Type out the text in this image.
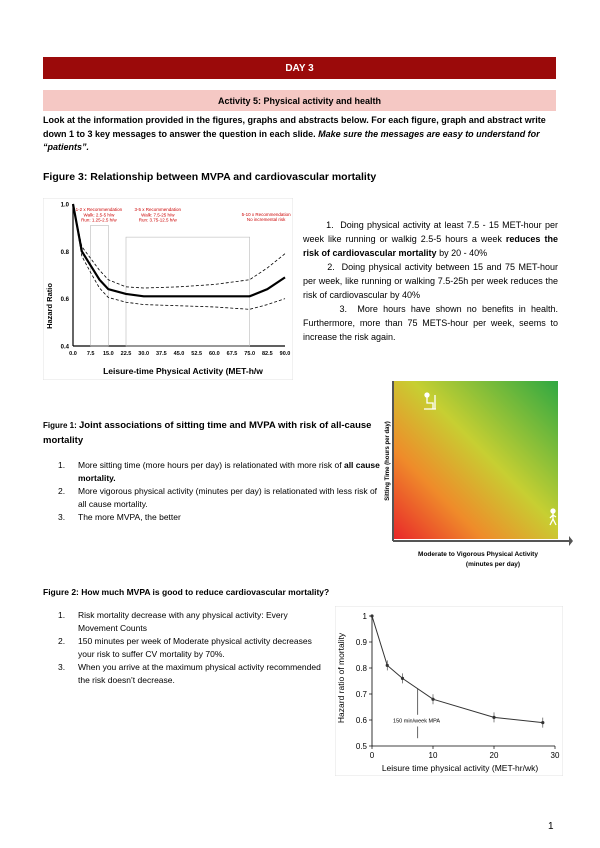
DAY 3
Activity 5: Physical activity and health
Look at the information provided in the figures, graphs and abstracts below. For each figure, graph and abstract write down 1 to 3 key messages to answer the question in each slide. Make sure the messages are easy to understand for “patients”.
Figure 3: Relationship between MVPA and cardiovascular mortality
0.4
0.6
0.8
1.0
0.0 7.5 15.0 22.5 30.0 37.5 45.0 52.5 60.0 67.5 75.0 82.5 90.0
1-2 x Recommendation Walk: 2.5-5 h/w Run: 1.25-2.5 h/w
3-5 x Recommendation Walk: 7.5-25 h/w Run: 3.75-12.5 h/w
5-10 x Recommendation No incremental risk
Hazard Ratio
Leisure-time Physical Activity (MET-h/w

1. Doing physical activity at least 7.5 - 15 MET-hour per week like running or walkig 2.5-5 hours a week reduces the risk of cardiovascular mortality by 20 - 40%

2. Doing physical activity between 15 and 75 MET-hour per week, like running or walking 7.5-25h per week reduces the risk of cardiovascular by 40%

3. More hours have shown no benefits in health. Furthermore, more than 75 METS-hour per week, seems to increase the risk again.

Figure 1: Joint associations of sitting time and MVPA with risk of all-cause mortality
1.	More sitting time (more hours per day) is relationated with more risk of all cause mortality.
2.	More vigorous physical activity (minutes per day) is relationated with less risk of all cause mortality.
3.	The more MVPA, the better
Sitting Time (hours per day)
Moderate to Vigorous Physical Activity
(minutes per day)
Figure 2: How much MVPA is good to reduce cardiovascular mortality?
1.	Risk mortality decrease with any physical activity: Every Movement Counts
2.	150 minutes per week of Moderate physical activity decreases your risk to suffer CV mortality by 70%.
3.	When you arrive at the maximum physical activity recommended the risk doesn’t decrease.
0.5
0.6
0.7
0.8
0.9
1
0	10	20	30
150 min/week MPA
Hazard ratio of mortality
Leisure time physical activity (MET-hr/wk)
1
